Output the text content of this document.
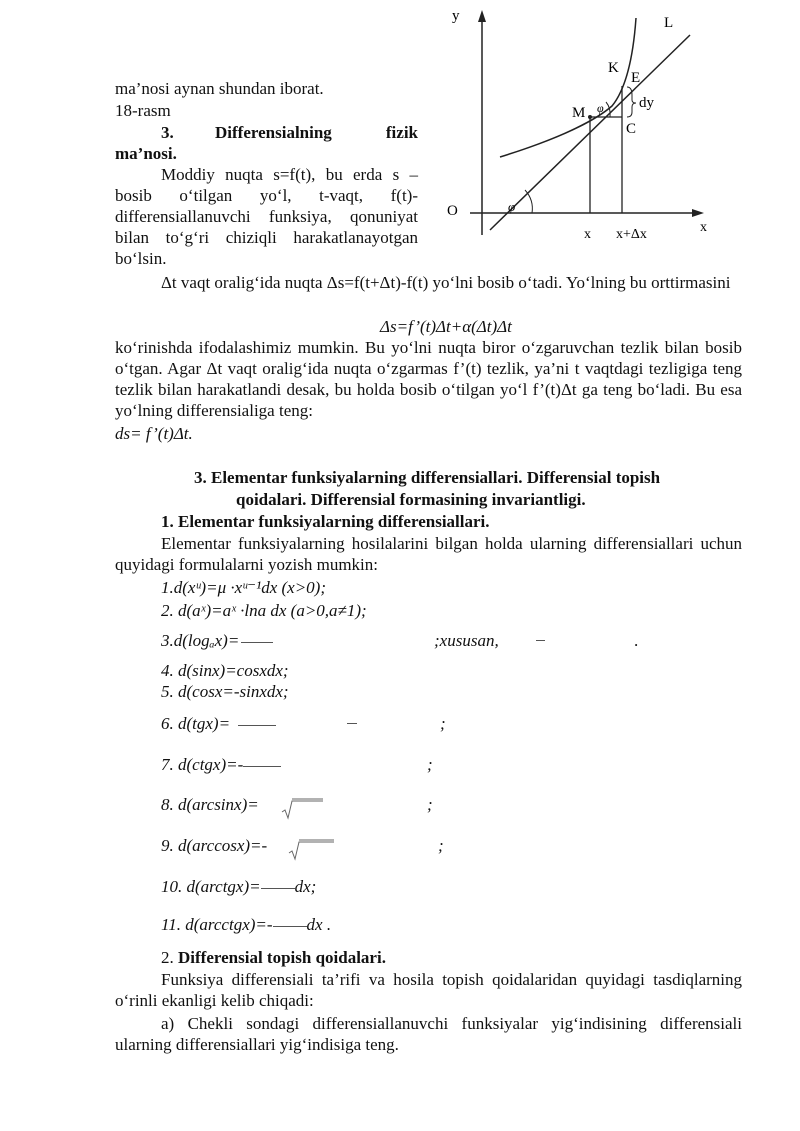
y
x
O
L
K
E
M
C
dy
φ
φ
x x+Δx
ma’nosi aynan shundan iborat.
18-rasm
3. Differensialning	fizik
ma’nosi.
Moddiy nuqta s=f(t), bu erda s – bosib o‘tilgan yo‘l, t-vaqt, f(t)-differensiallanuvchi funksiya, qonuniyat bilan to‘g‘ri chiziqli harakatlanayotgan bo‘lsin.
Δt vaqt oralig‘ida nuqta Δs=f(t+Δt)-f(t) yo‘lni bosib o‘tadi. Yo‘lning bu orttirmasini
Δs=f’(t)Δt+α(Δt)Δt
ko‘rinishda ifodalashimiz mumkin. Bu yo‘lni nuqta biror o‘zgaruvchan tezlik bilan bosib o‘tgan. Agar Δt vaqt oralig‘ida nuqta o‘zgarmas f’(t) tezlik, ya’ni t vaqtdagi tezligiga teng tezlik bilan harakatlandi desak, bu holda bosib o‘tilgan yo‘l f’(t)Δt ga teng bo‘ladi. Bu esa yo‘lning differensialiga teng:
ds= f’(t)Δt.
3. Elementar funksiyalarning differensiallari. Differensial topish
qoidalari. Differensial formasining invariantligi.
1. Elementar funksiyalarning differensiallari.
Elementar funksiyalarning hosilalarini bilgan holda ularning differensiallari uchun quyidagi formulalarni yozish mumkin:
1.d(xᵘ)=μ ·xᵘ⁻¹dx (x>0);
2. d(aˣ)=aˣ ·lna dx (a>0,a≠1);
3.d(logₐx)=	;xususan,	.
4. d(sinx)=cosxdx;
5. d(cosx=-sinxdx;
6. d(tgx)=	;
7. d(ctgx)=-	;
8. d(arcsinx)=	;
9. d(arccosx)=-	;
10. d(arctgx)= dx;
11. d(arcctgx)=- dx .
2. Differensial topish qoidalari.
Funksiya differensiali ta’rifi va hosila topish qoidalaridan quyidagi tasdiqlarning o‘rinli ekanligi kelib chiqadi:
a) Chekli sondagi differensiallanuvchi funksiyalar yig‘indisining differensiali ularning differensiallari yig‘indisiga teng.
